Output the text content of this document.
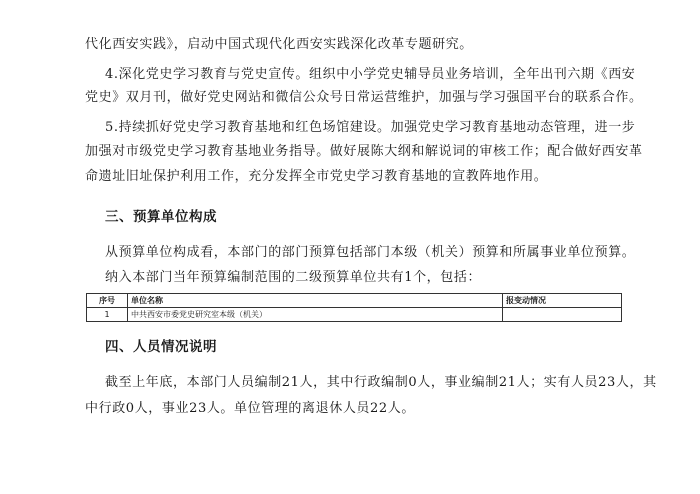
代化西安实践》，启动中国式现代化西安实践深化改革专题研究。
4.深化党史学习教育与党史宣传。组织中小学党史辅导员业务培训，全年出刊六期《西安
党史》双月刊，做好党史网站和微信公众号日常运营维护，加强与学习强国平台的联系合作。
5.持续抓好党史学习教育基地和红色场馆建设。加强党史学习教育基地动态管理，进一步
加强对市级党史学习教育基地业务指导。做好展陈大纲和解说词的审核工作；配合做好西安革
命遗址旧址保护利用工作，充分发挥全市党史学习教育基地的宣教阵地作用。
三、预算单位构成
从预算单位构成看，本部门的部门预算包括部门本级（机关）预算和所属事业单位预算。
纳入本部门当年预算编制范围的二级预算单位共有1个，包括：
序号	单位名称	报变动情况
1	中共西安市委党史研究室本级（机关）	
四、人员情况说明
截至上年底，本部门人员编制21人，其中行政编制0人，事业编制21人；实有人员23人，其
中行政0人，事业23人。单位管理的离退休人员22人。
